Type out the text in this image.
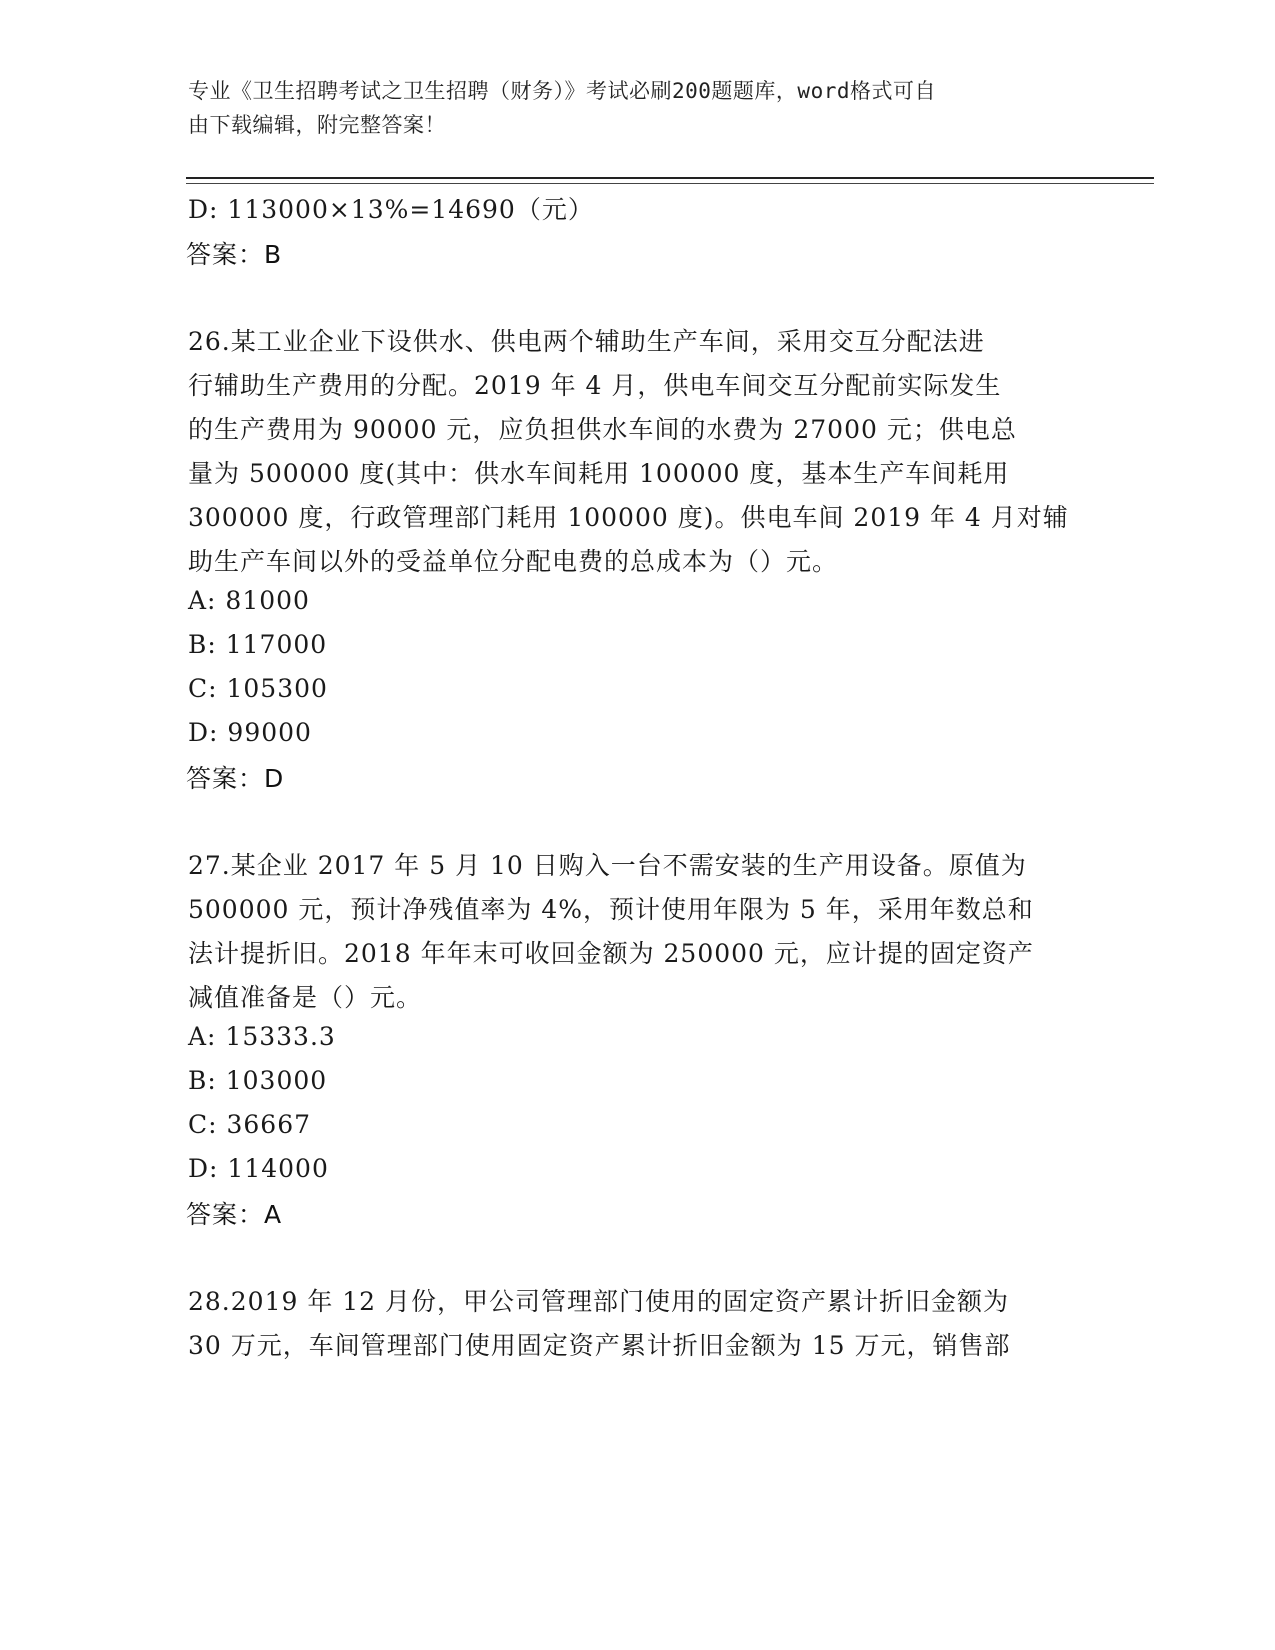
专业《卫生招聘考试之卫生招聘（财务）》考试必刷200题题库，word格式可自
由下载编辑，附完整答案！
D: 113000×13%=14690（元）
答案：B
26.某工业企业下设供水、供电两个辅助生产车间，采用交互分配法进
行辅助生产费用的分配。2019 年 4 月，供电车间交互分配前实际发生
的生产费用为 90000 元，应负担供水车间的水费为 27000 元；供电总
量为 500000 度(其中：供水车间耗用 100000 度，基本生产车间耗用
300000 度，行政管理部门耗用 100000 度)。供电车间 2019 年 4 月对辅
助生产车间以外的受益单位分配电费的总成本为（）元。
A: 81000
B: 117000
C: 105300
D: 99000
答案：D
27.某企业 2017 年 5 月 10 日购入一台不需安装的生产用设备。原值为
500000 元，预计净残值率为 4%，预计使用年限为 5 年，采用年数总和
法计提折旧。2018 年年末可收回金额为 250000 元，应计提的固定资产
减值准备是（）元。
A: 15333.3
B: 103000
C: 36667
D: 114000
答案：A
28.2019 年 12 月份，甲公司管理部门使用的固定资产累计折旧金额为
30 万元，车间管理部门使用固定资产累计折旧金额为 15 万元，销售部
